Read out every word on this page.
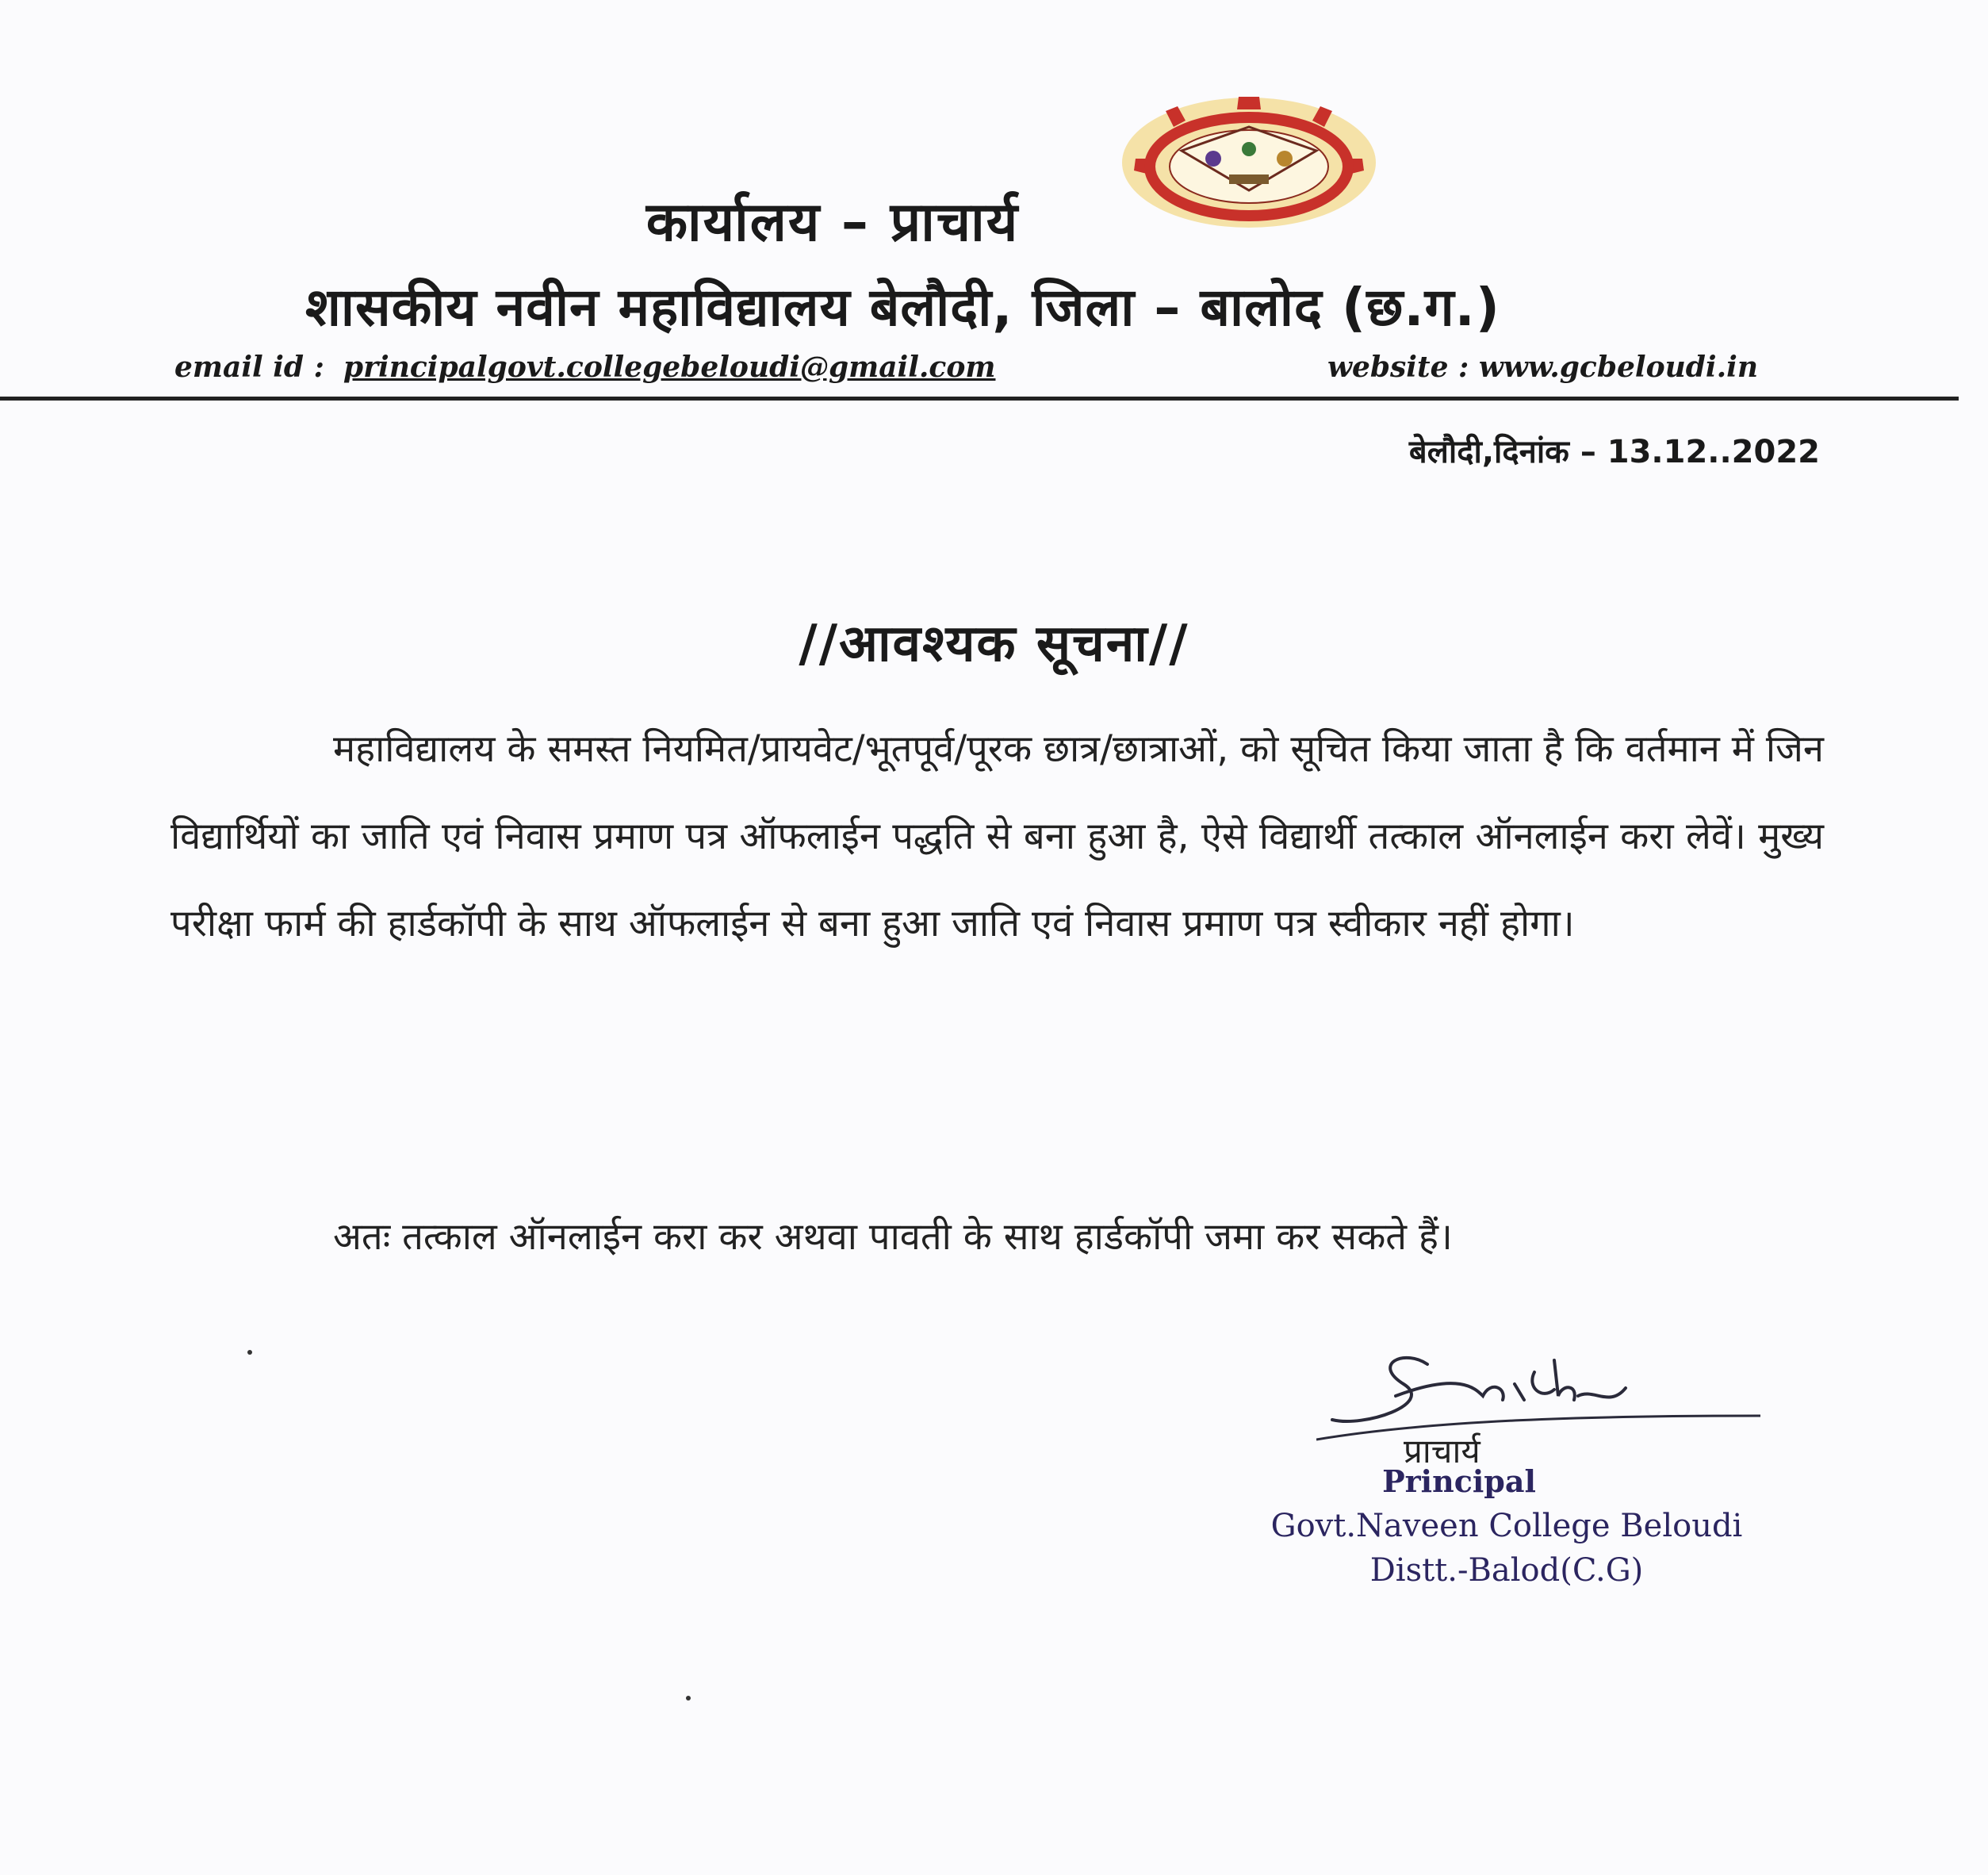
कार्यालय – प्राचार्य
शासकीय नवीन महाविद्यालय बेलौदी, जिला – बालोद (छ.ग.)
email id : principalgovt.collegebeloudi@gmail.com	website : www.gcbeloudi.in
बेलौदी,दिनांक – 13.12..2022
//आवश्यक सूचना//
महाविद्यालय के समस्त नियमित/प्रायवेट/भूतपूर्व/पूरक छात्र/छात्राओं, को सूचित किया जाता है कि वर्तमान में जिन विद्यार्थियों का जाति एवं निवास प्रमाण पत्र ऑफलाईन पद्धति से बना हुआ है, ऐसे विद्यार्थी तत्काल ऑनलाईन करा लेवें। मुख्य परीक्षा फार्म की हार्डकॉपी के साथ ऑफलाईन से बना हुआ जाति एवं निवास प्रमाण पत्र स्वीकार नहीं होगा।
अतः तत्काल ऑनलाईन करा कर अथवा पावती के साथ हार्डकॉपी जमा कर सकते हैं।
प्राचार्य
Principal
Govt.Naveen College Beloudi
Distt.-Balod(C.G)
